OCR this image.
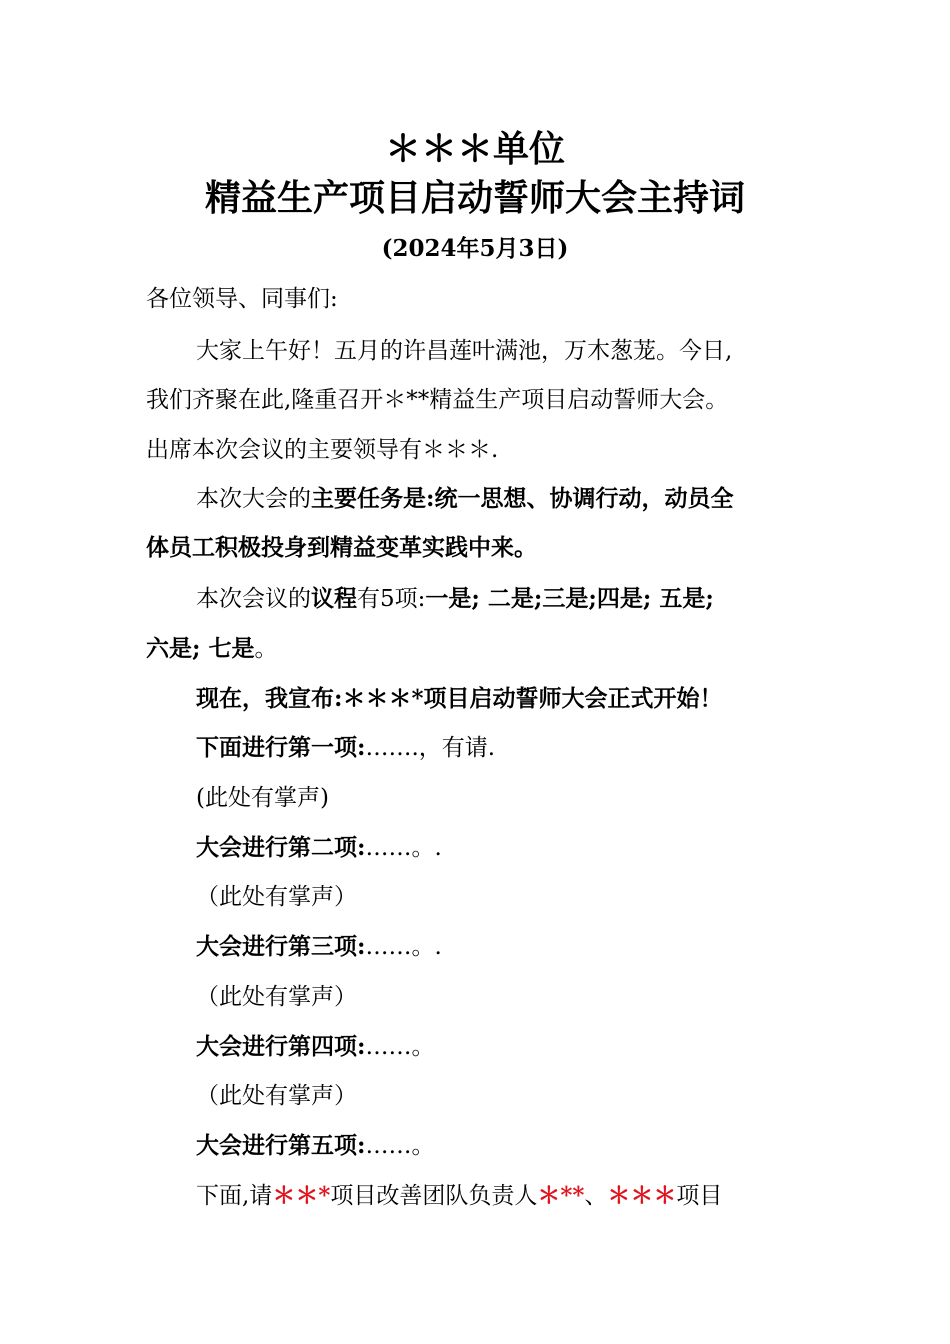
＊＊＊单位
精益生产项目启动誓师大会主持词
(2024年5月3日)
各位领导、同事们:
大家上午好！五月的许昌莲叶满池，万木葱茏。今日,
我们齐聚在此,隆重召开＊**精益生产项目启动誓师大会。
出席本次会议的主要领导有＊＊＊.
本次大会的主要任务是:统一思想、协调行动，动员全
体员工积极投身到精益变革实践中来。
本次会议的议程有5项:一是; 二是;三是;四是; 五是;
六是; 七是。
现在，我宣布:＊＊＊*项目启动誓师大会正式开始！
下面进行第一项:…….，有请.
(此处有掌声)
大会进行第二项:……。.
（此处有掌声）
大会进行第三项:……。.
（此处有掌声）
大会进行第四项:……。
（此处有掌声）
大会进行第五项:……。
下面,请＊＊*项目改善团队负责人＊**、＊＊＊项目
